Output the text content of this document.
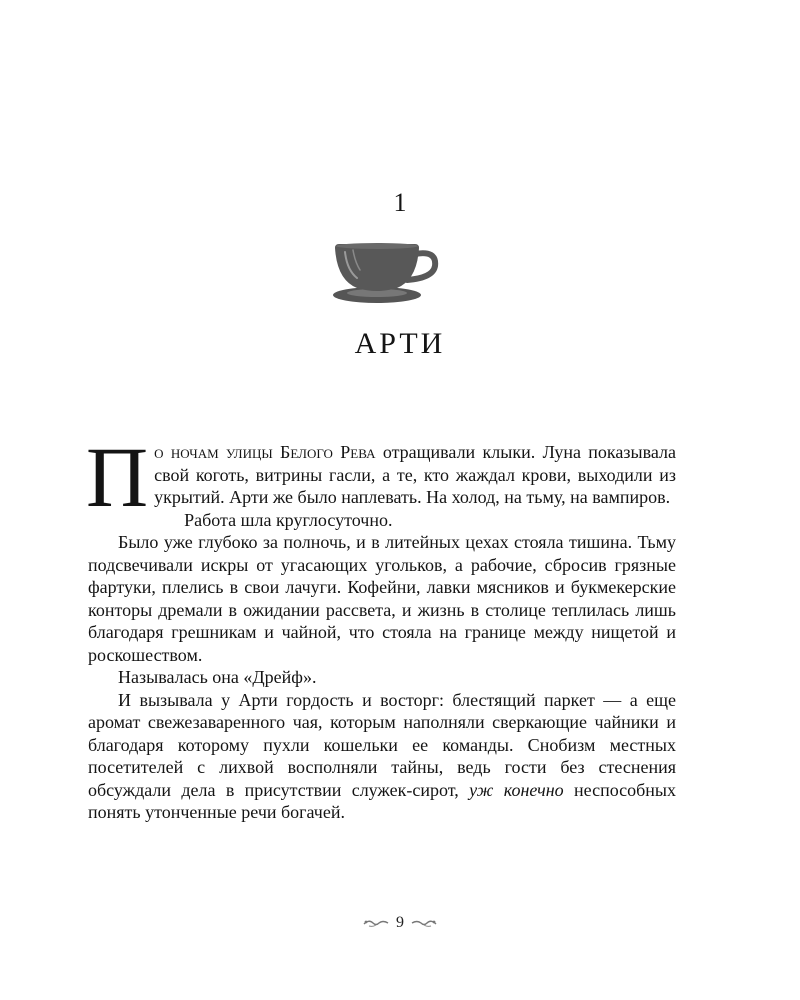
1
АРТИ

По ночам улицы Белого Рева отращивали клыки. Луна показывала свой коготь, витрины гасли, а те, кто жаждал крови, выходили из укрытий. Арти же было наплевать. На холод, на тьму, на вампиров.

Работа шла круглосуточно.

Было уже глубоко за полночь, и в литейных цехах стояла тишина. Тьму подсвечивали искры от угасающих угольков, а рабочие, сбросив грязные фартуки, плелись в свои лачуги. Кофейни, лавки мясников и букмекерские конторы дремали в ожидании рассвета, и жизнь в столице теплилась лишь благодаря грешникам и чайной, что стояла на границе между нищетой и роскошеством.

Называлась она «Дрейф».

И вызывала у Арти гордость и восторг: блестящий паркет — а еще аромат свежезаваренного чая, которым наполняли сверкающие чайники и благодаря которому пухли кошельки ее команды. Снобизм местных посетителей с лихвой восполняли тайны, ведь гости без стеснения обсуждали дела в присутствии служек-сирот, уж конечно неспособных понять утонченные речи богачей.

9
